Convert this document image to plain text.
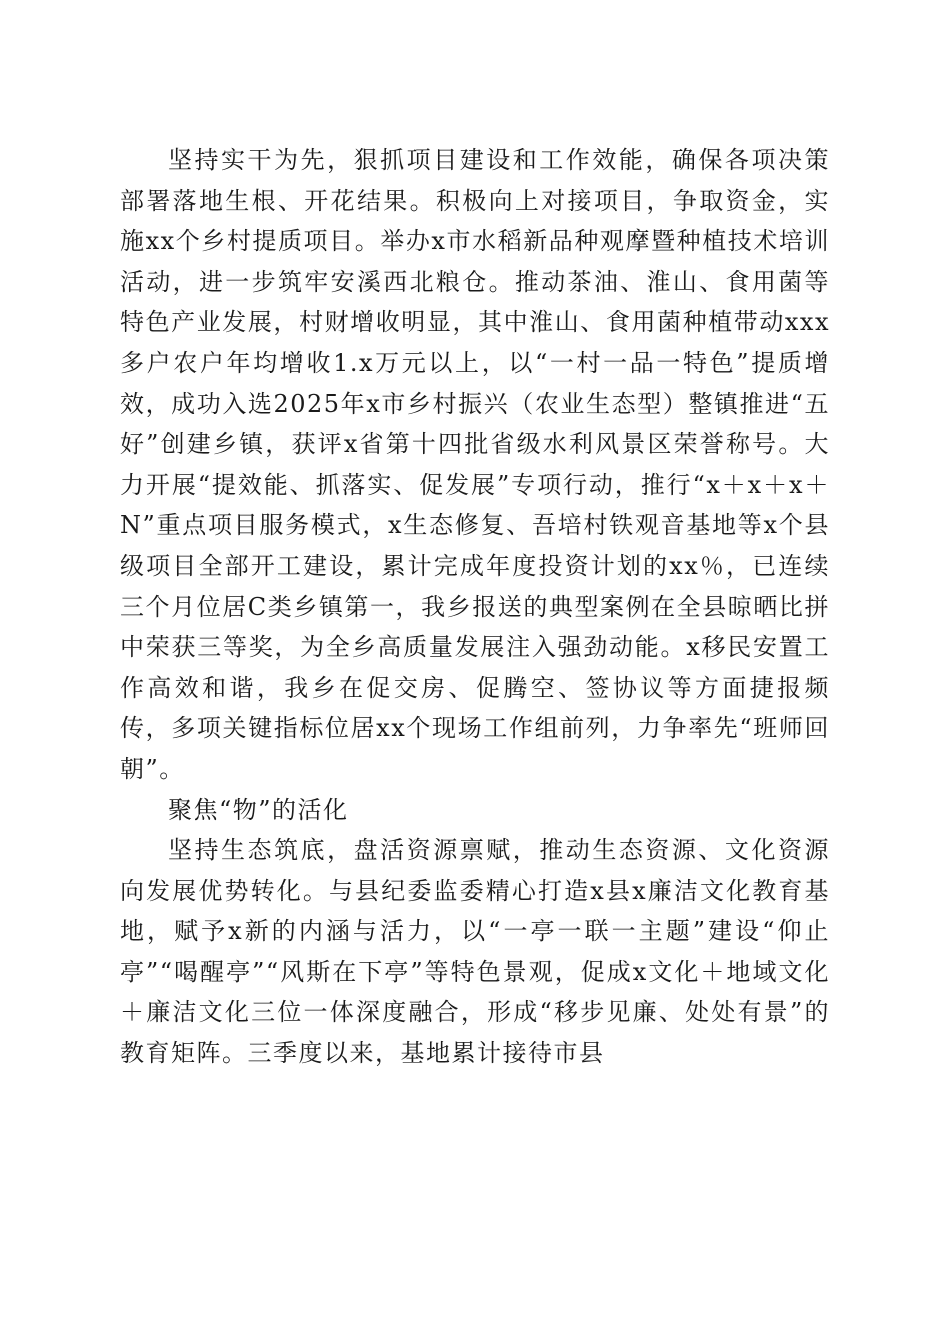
坚持实干为先，狠抓项目建设和工作效能，确保各项决策部署落地生根、开花结果。积极向上对接项目，争取资金，实施xx个乡村提质项目。举办x市水稻新品种观摩暨种植技术培训活动，进一步筑牢安溪西北粮仓。推动茶油、淮山、食用菌等特色产业发展，村财增收明显，其中淮山、食用菌种植带动xxx多户农户年均增收1.x万元以上，以“一村一品一特色”提质增效，成功入选2025年x市乡村振兴（农业生态型）整镇推进“五好”创建乡镇，获评x省第十四批省级水利风景区荣誉称号。大力开展“提效能、抓落实、促发展”专项行动，推行“x＋x＋x＋N”重点项目服务模式，x生态修复、吾培村铁观音基地等x个县级项目全部开工建设，累计完成年度投资计划的xx％，已连续三个月位居C类乡镇第一，我乡报送的典型案例在全县晾晒比拼中荣获三等奖，为全乡高质量发展注入强劲动能。x移民安置工作高效和谐，我乡在促交房、促腾空、签协议等方面捷报频传，多项关键指标位居xx个现场工作组前列，力争率先“班师回朝”。

聚焦“物”的活化

坚持生态筑底，盘活资源禀赋，推动生态资源、文化资源向发展优势转化。与县纪委监委精心打造x县x廉洁文化教育基地，赋予x新的内涵与活力，以“一亭一联一主题”建设“仰止亭”“喝醒亭”“风斯在下亭”等特色景观，促成x文化＋地域文化＋廉洁文化三位一体深度融合，形成“移步见廉、处处有景”的教育矩阵。三季度以来，基地累计接待市县
